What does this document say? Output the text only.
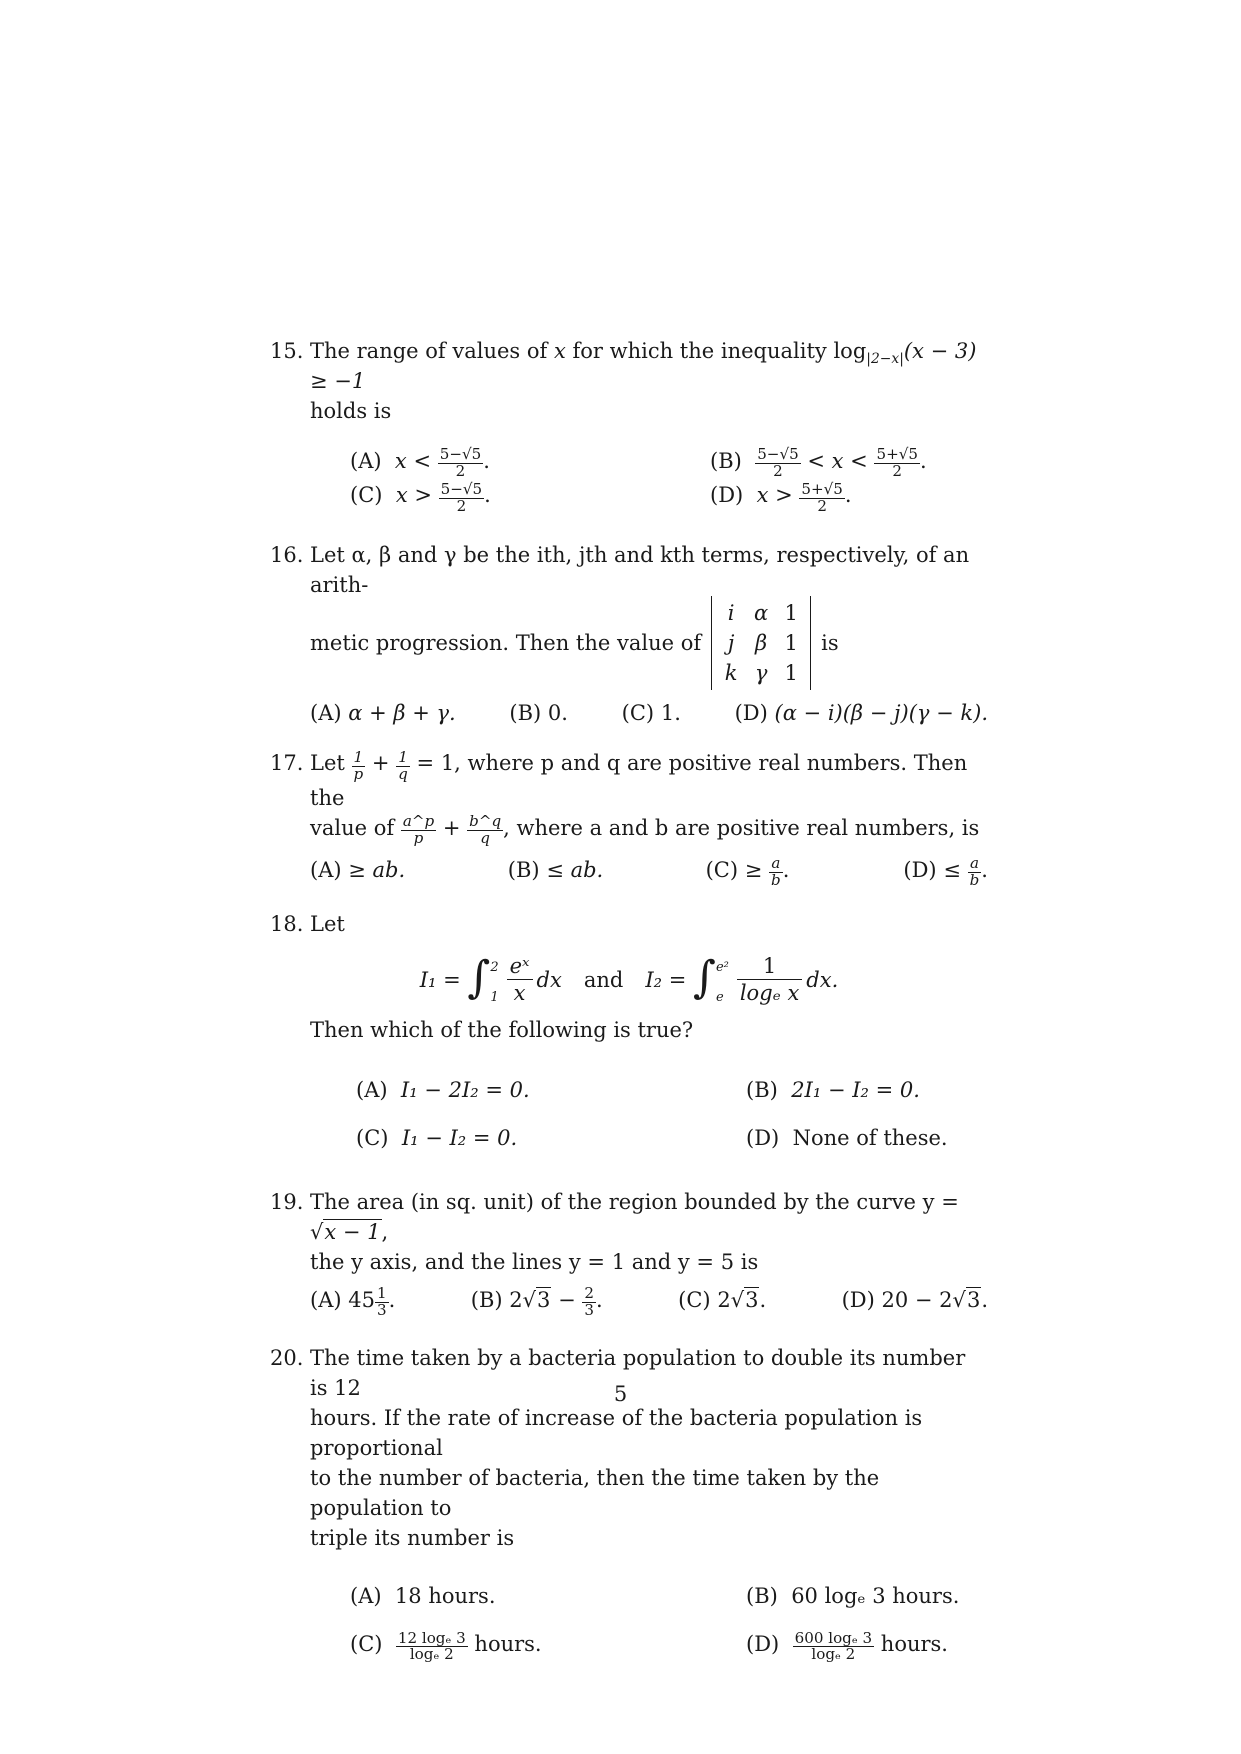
15. The range of values of x for which the inequality $\log_{|2-x|}(x - 3) \ge -1$
holds is
(A) $x < \frac{5-√5}{2}$ .	$(B) \frac{5-√5}{2} < x < \frac{5+√5}{2}$ .
(C) $x > \frac{5-√5}{2}$ .	(D) $x > \frac{5+√5}{2}$ .
16. Let α, β and γ be the ith, jth and kth terms, respectively, of an arith-
metic progression. Then the value of
i α 1
j β 1
k γ 1
is
(A) α + β + γ.	(B) 0.	(C) 1.	(D) (α − i)(β − j)(γ − k).
17. Let $\frac{1}{p} + \frac{1}{q} = 1$, where p and q are positive real numbers. Then the
value of $\frac{a\^{}p}{p} + \frac{b\^{}q}{q}$ , where a and b are positive real numbers, is
(A) ≥ ab.	(B) ≤ ab.	$(C) \ge \frac{a}{b}$ .	$(D) \le \frac{a}{b}$ .
18. Let
I₁ =
∫ 2
$1 \frac{\text{eˣ}}{x}$ dx and I₂ =
∫ e²
e $\frac{1}{\text{logₑ x}}$ dx.
Then which of the following is true?
(A) I₁ − 2I₂ = 0.	(B) 2I₁ − I₂ = 0.
(C) I₁ − I₂ = 0.	(D) None of these.
19. The area (in sq. unit) of the region bounded by the curve y = √x − 1,
the y axis, and the lines y = 1 and y = 5 is
(A) $45 \frac{1}{3}$ .	(B) $2√3 - \frac{2}{3}$ .	(C) 2√3.	(D) 20 − 2√3.
20. The time taken by a bacteria population to double its number is 12
hours. If the rate of increase of the bacteria population is proportional
to the number of bacteria, then the time taken by the population to
triple its number is
(A) 18 hours.	(B) 60 logₑ 3 hours.
$(C) \frac{\text{12 logₑ 3}}{\text{logₑ 2}}$ hours.	$(D) \frac{\text{600 logₑ 3}}{\text{logₑ 2}}$ hours.
5
